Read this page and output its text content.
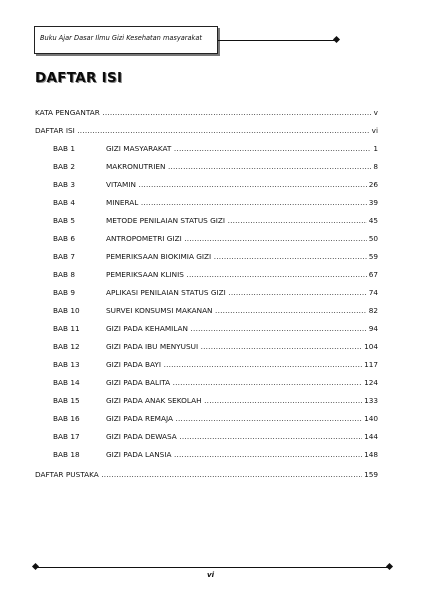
Buku Ajar Dasar Ilmu Gizi Kesehatan masyarakat
DAFTAR ISI
KATA PENGANTAR .....	v
DAFTAR ISI .....	vi
BAB 1	GIZI MASYARAKAT .....	1
BAB 2	MAKRONUTRIEN .....	8
BAB 3	VITAMIN .....	26
BAB 4	MINERAL .....	39
BAB 5	METODE PENILAIAN STATUS GIZI .....	45
BAB 6	ANTROPOMETRI GIZI .....	50
BAB 7	PEMERIKSAAN BIOKIMIA GIZI .....	59
BAB 8	PEMERIKSAAN KLINIS .....	67
BAB 9	APLIKASI PENILAIAN STATUS GIZI .....	74
BAB 10	SURVEI KONSUMSI MAKANAN .....	82
BAB 11	GIZI PADA KEHAMILAN .....	94
BAB 12	GIZI PADA IBU MENYUSUI .....	104
BAB 13	GIZI PADA BAYI .....	117
BAB 14	GIZI PADA BALITA .....	124
BAB 15	GIZI PADA ANAK SEKOLAH .....	133
BAB 16	GIZI PADA REMAJA .....	140
BAB 17	GIZI PADA DEWASA .....	144
BAB 18	GIZI PADA LANSIA .....	148
DAFTAR PUSTAKA .....	159
vi
